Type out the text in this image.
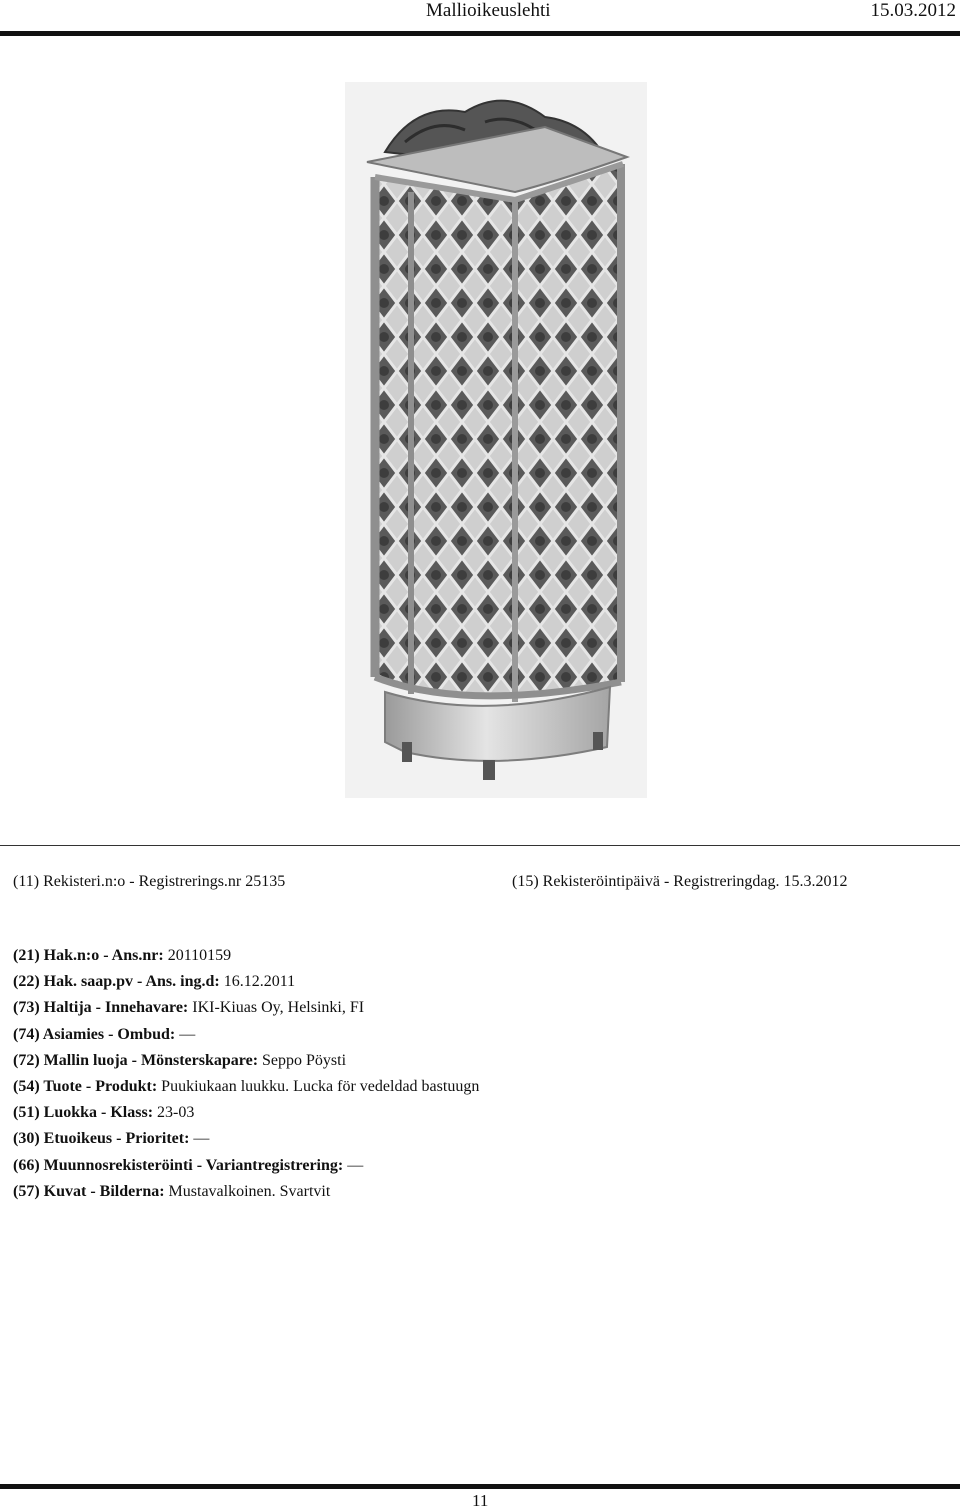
Mallioikeuslehti	15.03.2012
(11) Rekisteri.n:o - Registrerings.nr 25135	(15) Rekisteröintipäivä - Registreringdag. 15.3.2012
(21) Hak.n:o - Ans.nr: 20110159
(22) Hak. saap.pv - Ans. ing.d: 16.12.2011
(73) Haltija - Innehavare: IKI-Kiuas Oy, Helsinki, FI
(74) Asiamies - Ombud: —
(72) Mallin luoja - Mönsterskapare: Seppo Pöysti
(54) Tuote - Produkt: Puukiukaan luukku. Lucka för vedeldad bastuugn
(51) Luokka - Klass: 23-03
(30) Etuoikeus - Prioritet: —
(66) Muunnosrekisteröinti - Variantregistrering: —
(57) Kuvat - Bilderna: Mustavalkoinen. Svartvit
11
